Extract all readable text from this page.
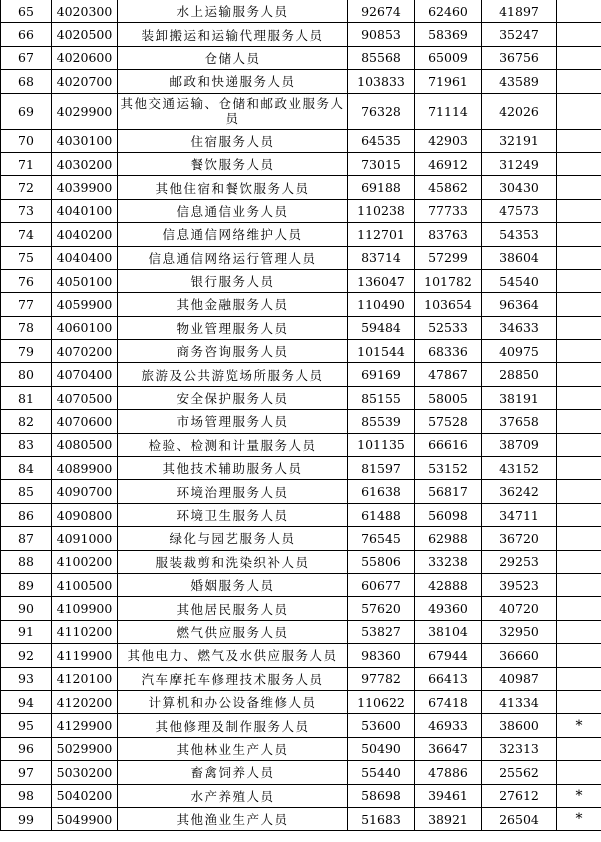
65	4020300	水上运输服务人员	92674	62460	41897	
66	4020500	装卸搬运和运输代理服务人员	90853	58369	35247	
67	4020600	仓储人员	85568	65009	36756	
68	4020700	邮政和快递服务人员	103833	71961	43589	
69	4029900	其他交通运输、仓储和邮政业服务人员	76328	71114	42026	
70	4030100	住宿服务人员	64535	42903	32191	
71	4030200	餐饮服务人员	73015	46912	31249	
72	4039900	其他住宿和餐饮服务人员	69188	45862	30430	
73	4040100	信息通信业务人员	110238	77733	47573	
74	4040200	信息通信网络维护人员	112701	83763	54353	
75	4040400	信息通信网络运行管理人员	83714	57299	38604	
76	4050100	银行服务人员	136047	101782	54540	
77	4059900	其他金融服务人员	110490	103654	96364	
78	4060100	物业管理服务人员	59484	52533	34633	
79	4070200	商务咨询服务人员	101544	68336	40975	
80	4070400	旅游及公共游览场所服务人员	69169	47867	28850	
81	4070500	安全保护服务人员	85155	58005	38191	
82	4070600	市场管理服务人员	85539	57528	37658	
83	4080500	检验、检测和计量服务人员	101135	66616	38709	
84	4089900	其他技术辅助服务人员	81597	53152	43152	
85	4090700	环境治理服务人员	61638	56817	36242	
86	4090800	环境卫生服务人员	61488	56098	34711	
87	4091000	绿化与园艺服务人员	76545	62988	36720	
88	4100200	服装裁剪和洗染织补人员	55806	33238	29253	
89	4100500	婚姻服务人员	60677	42888	39523	
90	4109900	其他居民服务人员	57620	49360	40720	
91	4110200	燃气供应服务人员	53827	38104	32950	
92	4119900	其他电力、燃气及水供应服务人员	98360	67944	36660	
93	4120100	汽车摩托车修理技术服务人员	97782	66413	40987	
94	4120200	计算机和办公设备维修人员	110622	67418	41334	
95	4129900	其他修理及制作服务人员	53600	46933	38600	*
96	5029900	其他林业生产人员	50490	36647	32313	
97	5030200	畜禽饲养人员	55440	47886	25562	
98	5040200	水产养殖人员	58698	39461	27612	*
99	5049900	其他渔业生产人员	51683	38921	26504	*
